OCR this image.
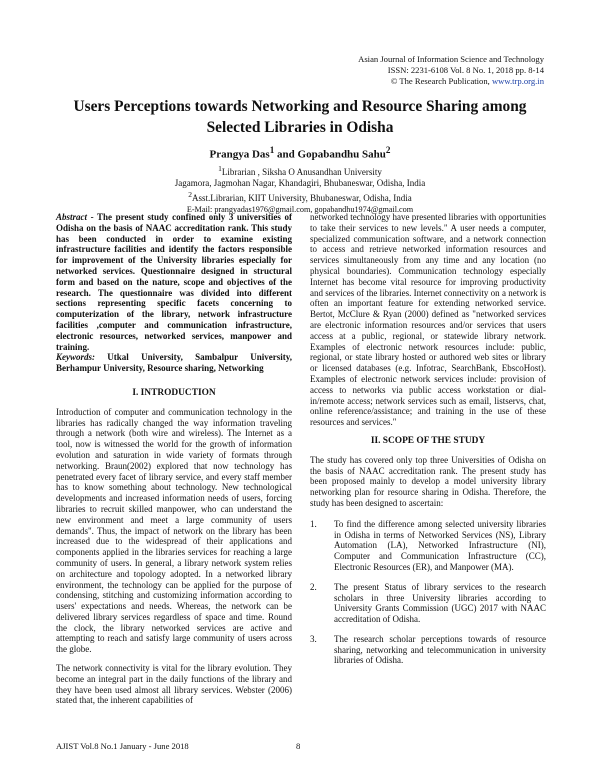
Asian Journal of Information Science and Technology
ISSN: 2231-6108 Vol. 8 No. 1, 2018 pp. 8-14
© The Research Publication, www.trp.org.in
Users Perceptions towards Networking and Resource Sharing among Selected Libraries in Odisha
Prangya Das$^1$ and Gopabandhu Sahu$^2$
$^1$Librarian , Siksha O Anusandhan University
Jagamora, Jagmohan Nagar, Khandagiri, Bhubaneswar, Odisha, India
$^2$Asst.Librarian, KIIT University, Bhubaneswar, Odisha, India
E-Mail: prangyadas1976@gmail.com, gopabandhu1974@gmail.com

Abstract - The present study confined only 3 universities of Odisha on the basis of NAAC accreditation rank. This study has been conducted in order to examine existing infrastructure facilities and identify the factors responsible for improvement of the University libraries especially for networked services. Questionnaire designed in structural form and based on the nature, scope and objectives of the research. The questionnaire was divided into different sections representing specific facets concerning to computerization of the library, network infrastructure facilities ,computer and communication infrastructure, electronic resources, networked services, manpower and training.

Keywords: Utkal University, Sambalpur University, Berhampur University, Resource sharing, Networking

I. INTRODUCTION

Introduction of computer and communication technology in the libraries has radically changed the way information traveling through a network (both wire and wireless). The Internet as a tool, now is witnessed the world for the growth of information evolution and saturation in wide variety of formats through networking. Braun(2002) explored that now technology has penetrated every facet of library service, and every staff member has to know something about technology. New technological developments and increased information needs of users, forcing libraries to recruit skilled manpower, who can understand the new environment and meet a large community of users demands". Thus, the impact of network on the library has been increased due to the widespread of their applications and components applied in the libraries services for reaching a large community of users. In general, a library network system relies on architecture and topology adopted. In a networked library environment, the technology can be applied for the purpose of condensing, stitching and customizing information according to users' expectations and needs. Whereas, the network can be delivered library services regardless of space and time. Round the clock, the library networked services are active and attempting to reach and satisfy large community of users across the globe.

The network connectivity is vital for the library evolution. They become an integral part in the daily functions of the library and they have been used almost all library services. Webster (2006) stated that, the inherent capabilities of

networked technology have presented libraries with opportunities to take their services to new levels." A user needs a computer, specialized communication software, and a network connection to access and retrieve networked information resources and services simultaneously from any time and any location (no physical boundaries). Communication technology especially Internet has become vital resource for improving productivity and services of the libraries. Internet connectivity on a network is often an important feature for extending networked service. Bertot, McClure & Ryan (2000) defined as "networked services are electronic information resources and/or services that users access at a public, regional, or statewide library network. Examples of electronic network resources include: public, regional, or state library hosted or authored web sites or library or licensed databases (e.g. Infotrac, SearchBank, EbscoHost). Examples of electronic network services include: provision of access to networks via public access workstation or dial-in/remote access; network services such as email, listservs, chat, online reference/assistance; and training in the use of these resources and services."

II. SCOPE OF THE STUDY

The study has covered only top three Universities of Odisha on the basis of NAAC accreditation rank. The present study has been proposed mainly to develop a model university library networking plan for resource sharing in Odisha. Therefore, the study has been designed to ascertain:

1. To find the difference among selected university libraries in Odisha in terms of Networked Services (NS), Library Automation (LA), Networked Infrastructure (NI), Computer and Communication Infrastructure (CC), Electronic Resources (ER), and Manpower (MA).
2. The present Status of library services to the research scholars in three University libraries according to University Grants Commission (UGC) 2017 with NAAC accreditation of Odisha.
3. The research scholar perceptions towards of resource sharing, networking and telecommunication in university libraries of Odisha.
AJIST Vol.8 No.1 January - June 2018	8
